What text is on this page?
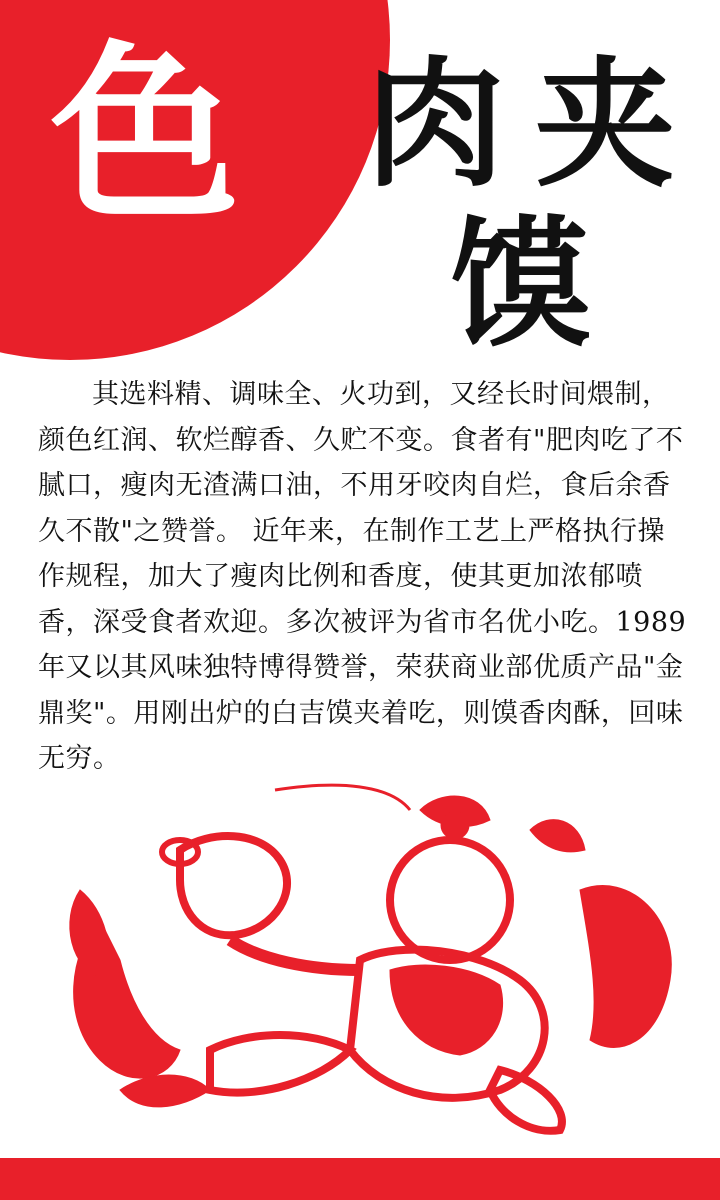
色 肉 夹
馍
其选料精、调味全、火功到，又经长时间煨制，颜色红润、软烂醇香、久贮不变。食者有"肥肉吃了不腻口，瘦肉无渣满口油，不用牙咬肉自烂，食后余香久不散"之赞誉。 近年来，在制作工艺上严格执行操作规程，加大了瘦肉比例和香度，使其更加浓郁喷香，深受食者欢迎。多次被评为省市名优小吃。1989年又以其风味独特博得赞誉，荣获商业部优质产品"金鼎奖"。用刚出炉的白吉馍夹着吃，则馍香肉酥，回味无穷。
